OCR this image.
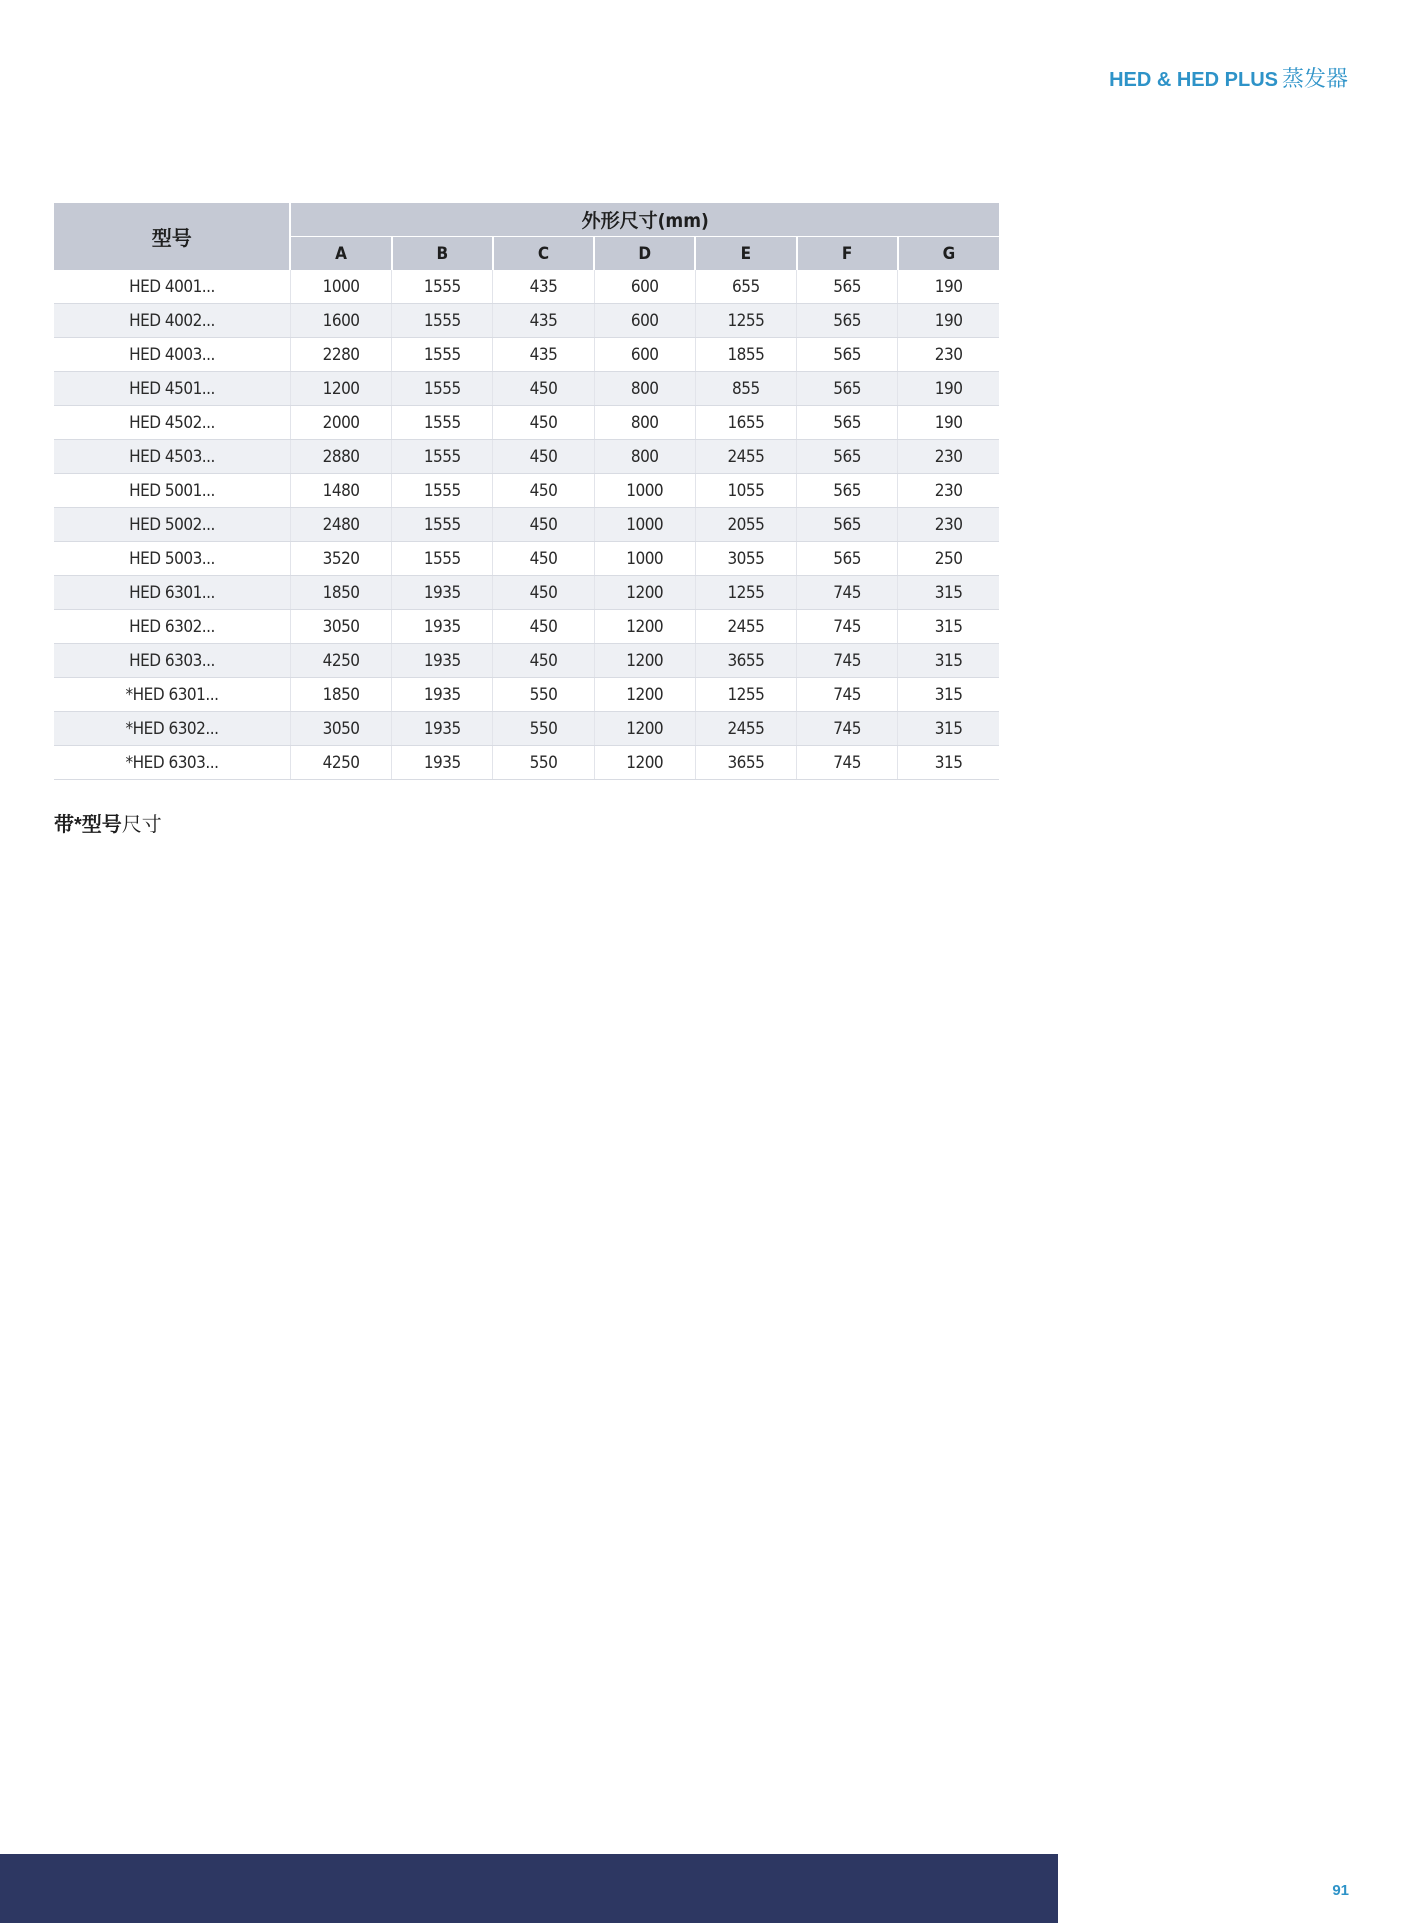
HED & HED PLUS 蒸发器
型号	外形尺寸(mm)						
	A	B	C	D	E	F	G
HED 4001...	1000	1555	435	600	655	565	190
HED 4002...	1600	1555	435	600	1255	565	190
HED 4003...	2280	1555	435	600	1855	565	230
HED 4501...	1200	1555	450	800	855	565	190
HED 4502...	2000	1555	450	800	1655	565	190
HED 4503...	2880	1555	450	800	2455	565	230
HED 5001...	1480	1555	450	1000	1055	565	230
HED 5002...	2480	1555	450	1000	2055	565	230
HED 5003...	3520	1555	450	1000	3055	565	250
HED 6301...	1850	1935	450	1200	1255	745	315
HED 6302...	3050	1935	450	1200	2455	745	315
HED 6303...	4250	1935	450	1200	3655	745	315
*HED 6301...	1850	1935	550	1200	1255	745	315
*HED 6302...	3050	1935	550	1200	2455	745	315
*HED 6303...	4250	1935	550	1200	3655	745	315
带*型号尺寸
91
